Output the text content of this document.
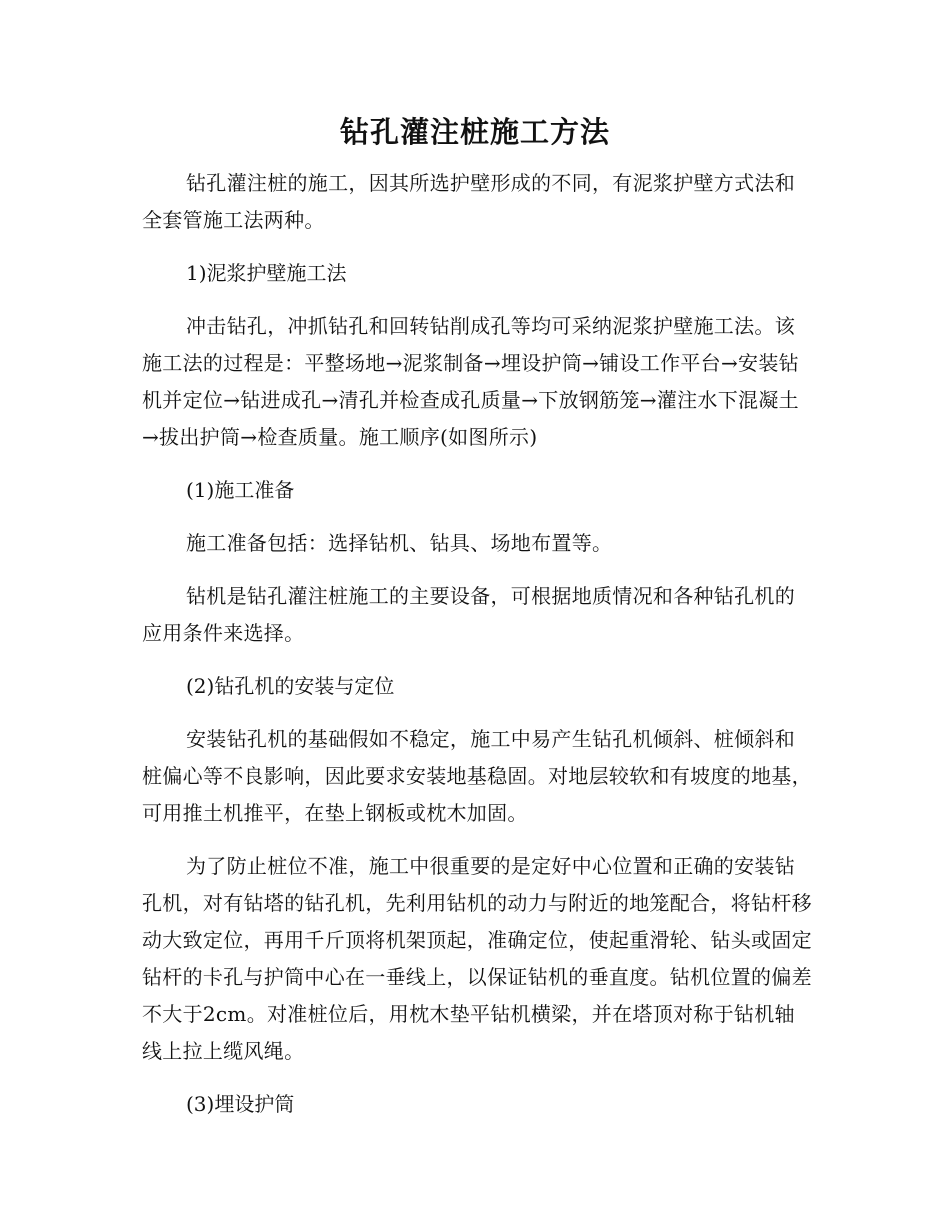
钻孔灌注桩施工方法

钻孔灌注桩的施工，因其所选护壁形成的不同，有泥浆护壁方式法和全套管施工法两种。

1)泥浆护壁施工法

冲击钻孔，冲抓钻孔和回转钻削成孔等均可采纳泥浆护壁施工法。该施工法的过程是：平整场地→泥浆制备→埋设护筒→铺设工作平台→安装钻机并定位→钻进成孔→清孔并检查成孔质量→下放钢筋笼→灌注水下混凝土→拔出护筒→检查质量。施工顺序(如图所示)

(1)施工准备

施工准备包括：选择钻机、钻具、场地布置等。

钻机是钻孔灌注桩施工的主要设备，可根据地质情况和各种钻孔机的应用条件来选择。

(2)钻孔机的安装与定位

安装钻孔机的基础假如不稳定，施工中易产生钻孔机倾斜、桩倾斜和桩偏心等不良影响，因此要求安装地基稳固。对地层较软和有坡度的地基，可用推土机推平，在垫上钢板或枕木加固。

为了防止桩位不准，施工中很重要的是定好中心位置和正确的安装钻孔机，对有钻塔的钻孔机，先利用钻机的动力与附近的地笼配合，将钻杆移动大致定位，再用千斤顶将机架顶起，准确定位，使起重滑轮、钻头或固定钻杆的卡孔与护筒中心在一垂线上，以保证钻机的垂直度。钻机位置的偏差不大于2cm。对准桩位后，用枕木垫平钻机横梁，并在塔顶对称于钻机轴线上拉上缆风绳。

(3)埋设护筒
